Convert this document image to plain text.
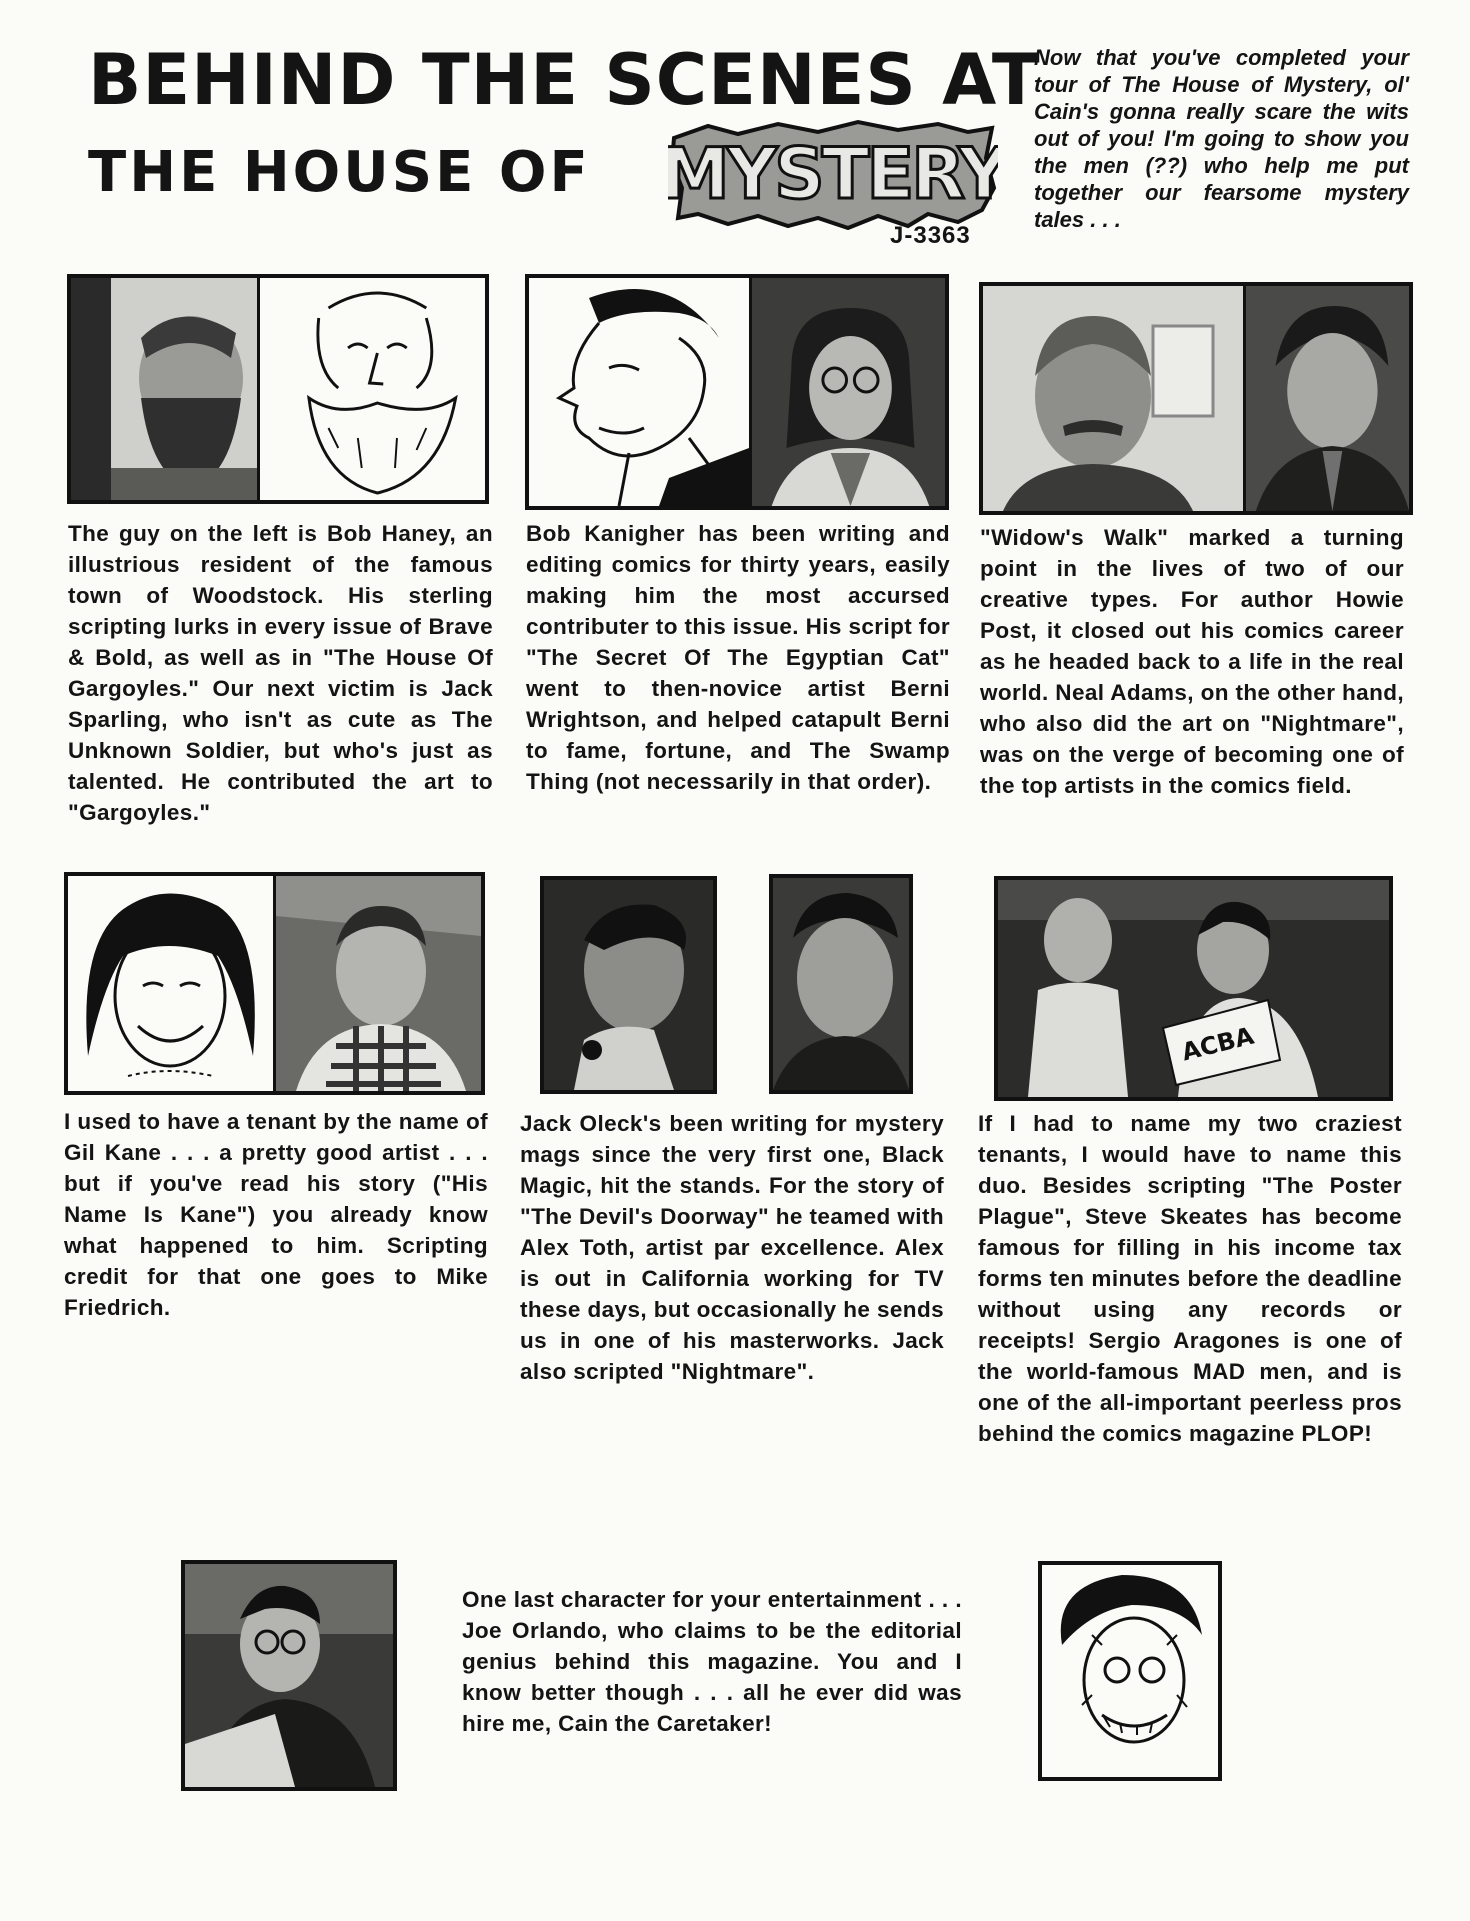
BEHIND THE SCENES AT
THE HOUSE OF MYSTERY
J-3363
Now that you've completed your tour of The House of Mystery, ol' Cain's gonna really scare the wits out of you! I'm going to show you the men (??) who help me put together our fearsome mystery tales . . .
The guy on the left is Bob Haney, an illustrious resident of the famous town of Woodstock. His sterling scripting lurks in every issue of Brave & Bold, as well as in "The House Of Gargoyles." Our next victim is Jack Sparling, who isn't as cute as The Unknown Soldier, but who's just as talented. He contributed the art to "Gargoyles."
Bob Kanigher has been writing and editing comics for thirty years, easily making him the most accursed contributer to this issue. His script for "The Secret Of The Egyptian Cat" went to then-novice artist Berni Wrightson, and helped catapult Berni to fame, fortune, and The Swamp Thing (not necessarily in that order).
"Widow's Walk" marked a turning point in the lives of two of our creative types. For author Howie Post, it closed out his comics career as he headed back to a life in the real world. Neal Adams, on the other hand, who also did the art on "Nightmare", was on the verge of becoming one of the top artists in the comics field.
ACBA
I used to have a tenant by the name of Gil Kane . . . a pretty good artist . . . but if you've read his story ("His Name Is Kane") you already know what happened to him. Scripting credit for that one goes to Mike Friedrich.
Jack Oleck's been writing for mystery mags since the very first one, Black Magic, hit the stands. For the story of "The Devil's Doorway" he teamed with Alex Toth, artist par excellence. Alex is out in California working for TV these days, but occasionally he sends us in one of his masterworks. Jack also scripted "Nightmare".
If I had to name my two craziest tenants, I would have to name this duo. Besides scripting "The Poster Plague", Steve Skeates has become famous for filling in his income tax forms ten minutes before the deadline without using any records or receipts! Sergio Aragones is one of the world-famous MAD men, and is one of the all-important peerless pros behind the comics magazine PLOP!
One last character for your entertainment . . . Joe Orlando, who claims to be the editorial genius behind this magazine. You and I know better though . . . all he ever did was hire me, Cain the Caretaker!
